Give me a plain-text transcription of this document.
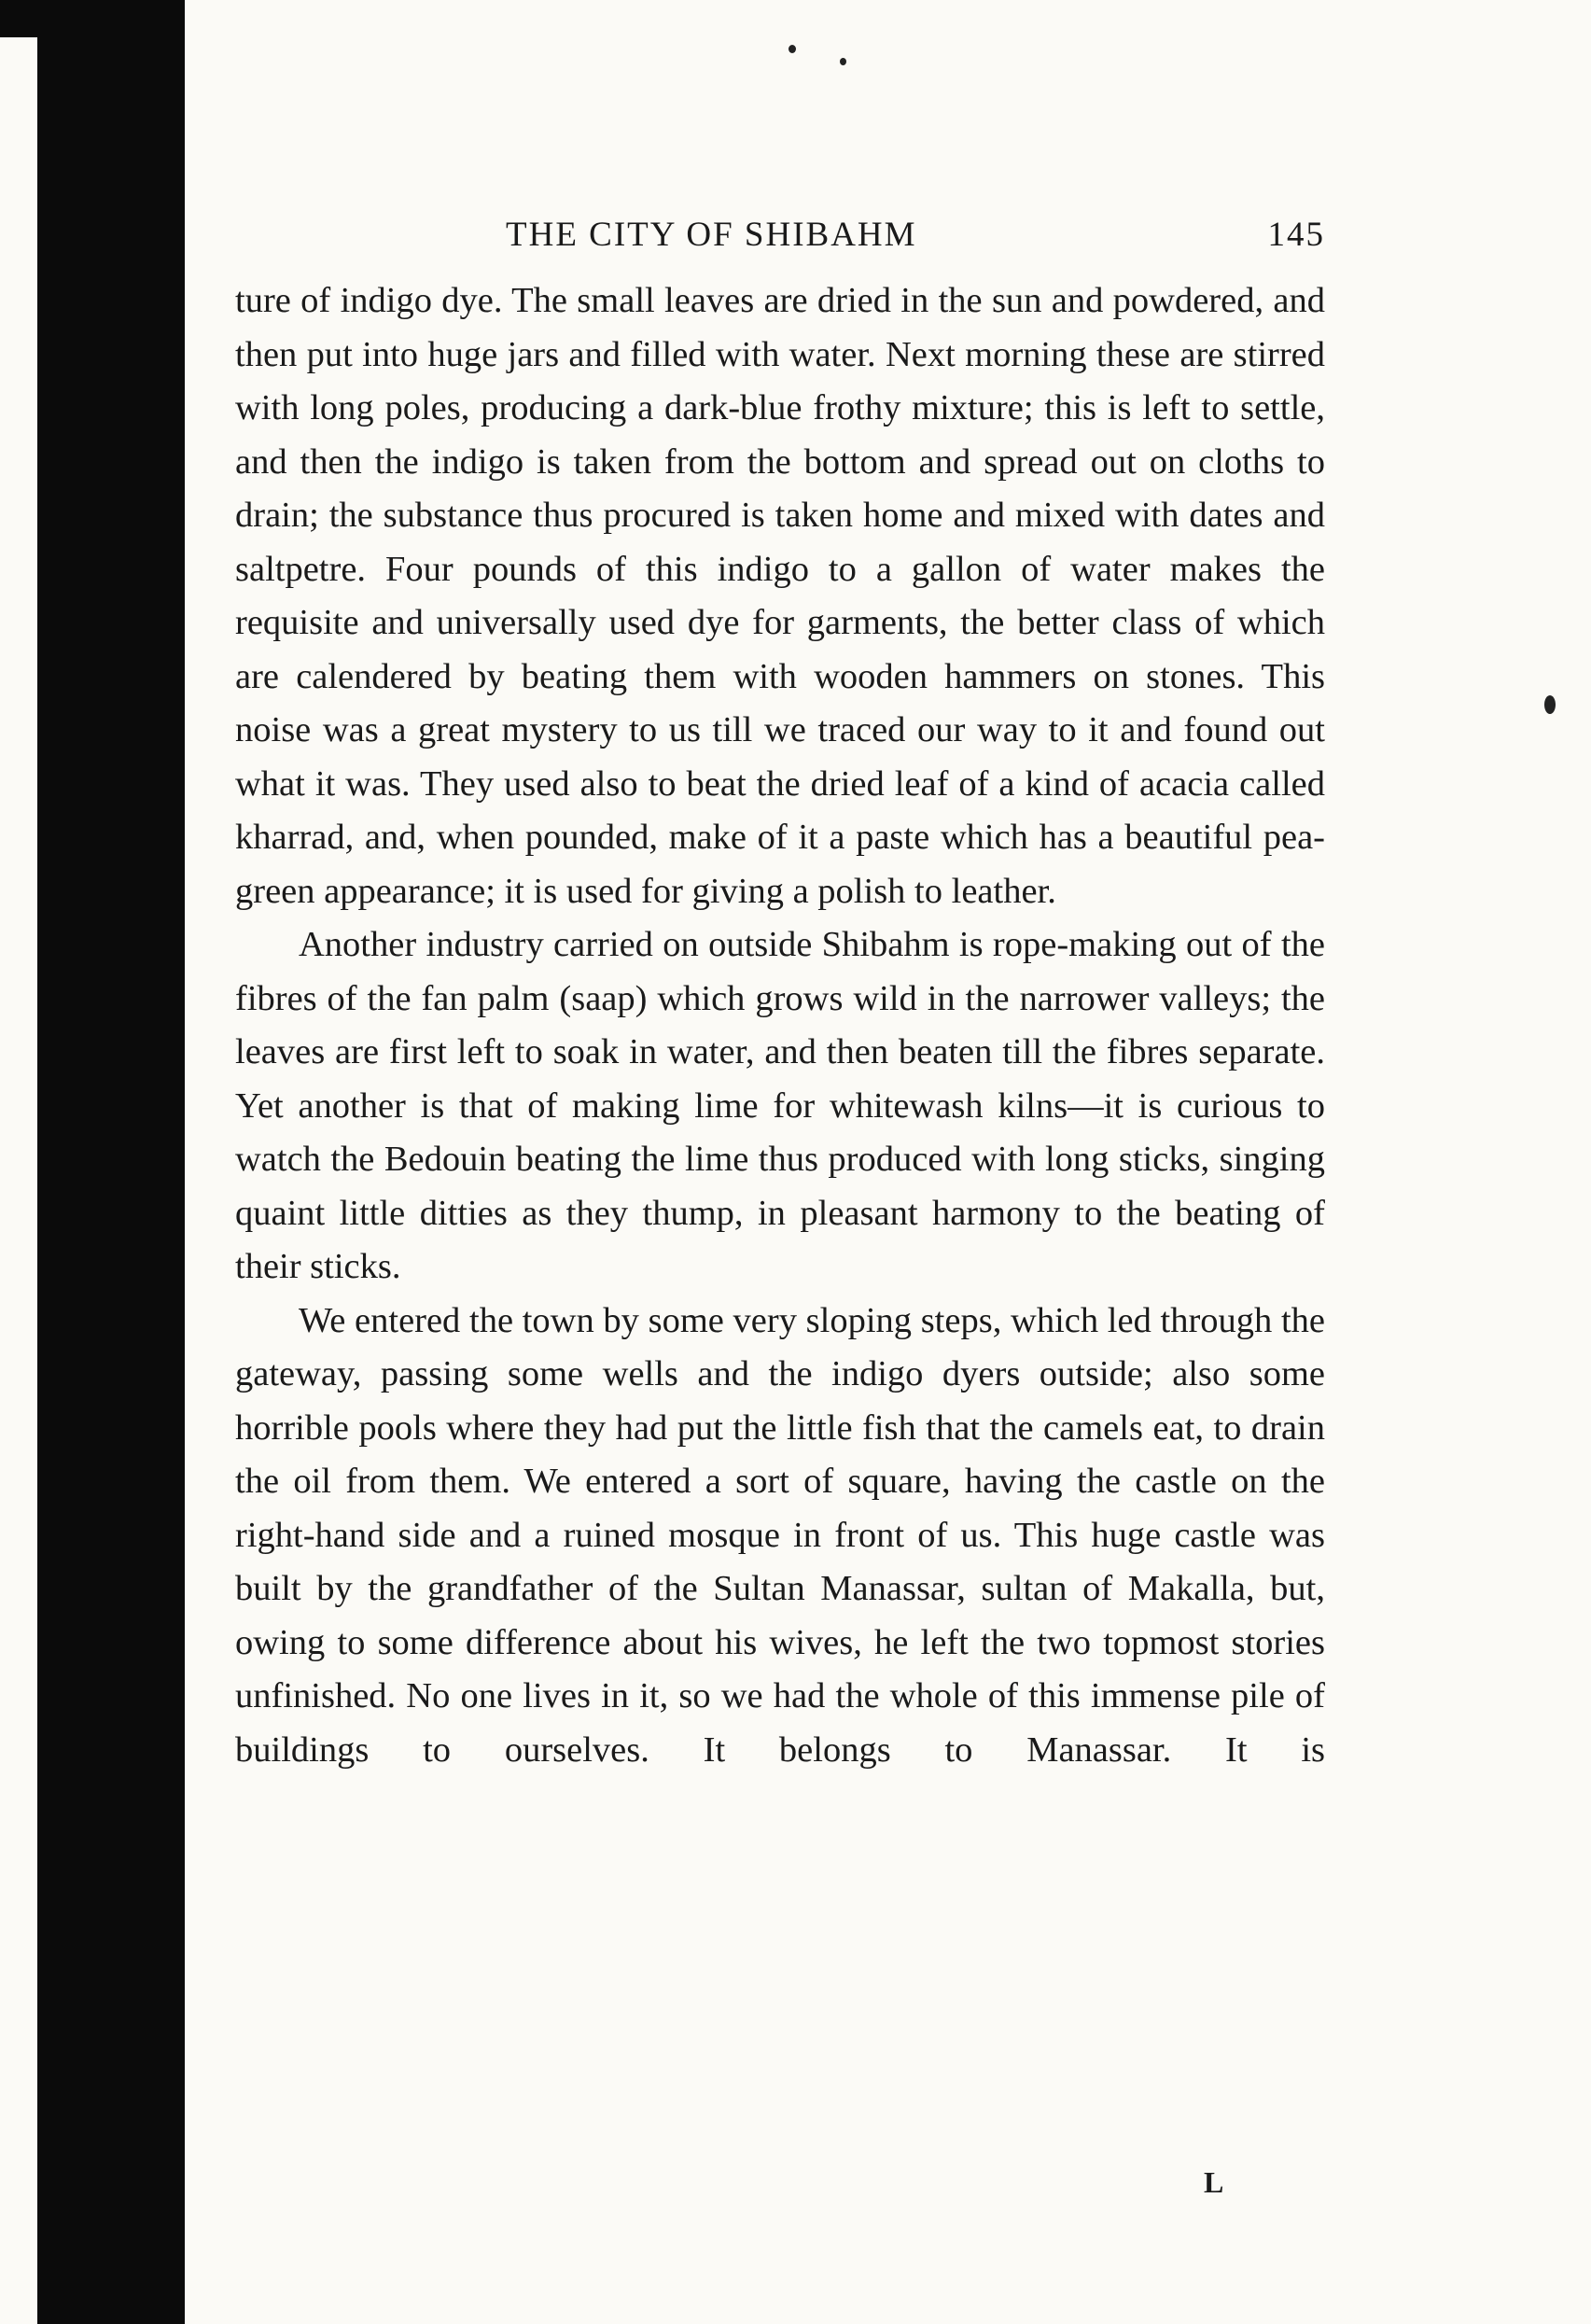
THE CITY OF SHIBAHM	145

ture of indigo dye. The small leaves are dried in the sun and powdered, and then put into huge jars and filled with water. Next morning these are stirred with long poles, producing a dark-blue frothy mixture; this is left to settle, and then the indigo is taken from the bottom and spread out on cloths to drain; the substance thus procured is taken home and mixed with dates and saltpetre. Four pounds of this indigo to a gallon of water makes the requisite and universally used dye for garments, the better class of which are calendered by beating them with wooden hammers on stones. This noise was a great mystery to us till we traced our way to it and found out what it was. They used also to beat the dried leaf of a kind of acacia called kharrad, and, when pounded, make of it a paste which has a beautiful pea-green appearance; it is used for giving a polish to leather.

Another industry carried on outside Shibahm is rope-making out of the fibres of the fan palm (saap) which grows wild in the narrower valleys; the leaves are first left to soak in water, and then beaten till the fibres separate. Yet another is that of making lime for whitewash kilns—it is curious to watch the Bedouin beating the lime thus produced with long sticks, singing quaint little ditties as they thump, in pleasant harmony to the beating of their sticks.

We entered the town by some very sloping steps, which led through the gateway, passing some wells and the indigo dyers outside; also some horrible pools where they had put the little fish that the camels eat, to drain the oil from them. We entered a sort of square, having the castle on the right-hand side and a ruined mosque in front of us. This huge castle was built by the grandfather of the Sultan Manassar, sultan of Makalla, but, owing to some difference about his wives, he left the two topmost stories unfinished. No one lives in it, so we had the whole of this immense pile of buildings to ourselves. It belongs to Manassar. It is

L
